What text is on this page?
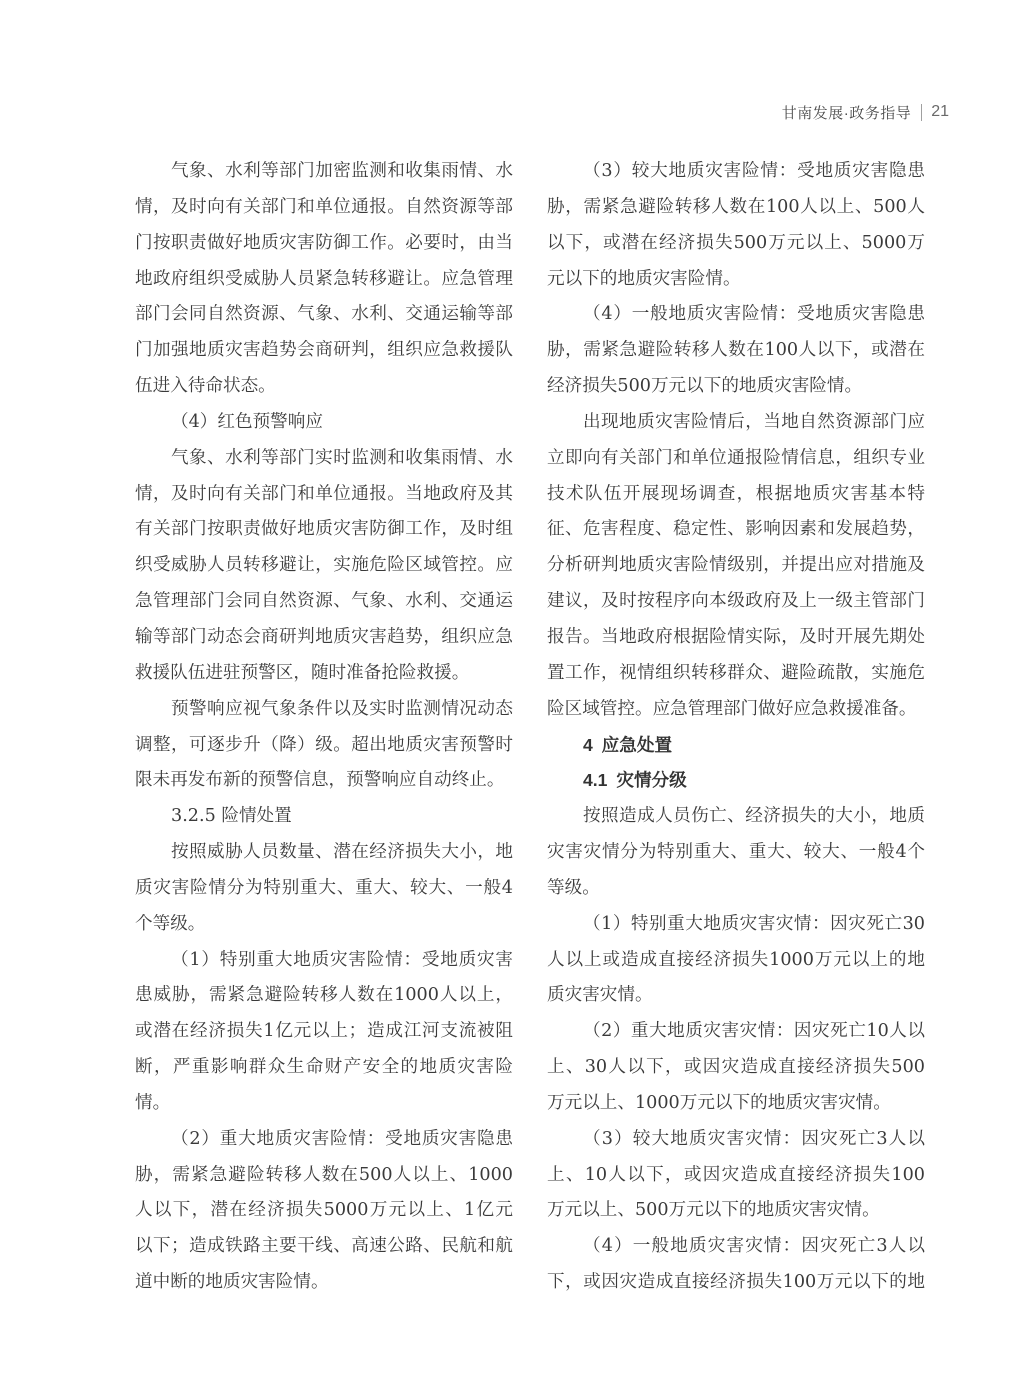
甘南发展·政务指导 21
气象、水利等部门加密监测和收集雨情、水
情，及时向有关部门和单位通报。自然资源等部
门按职责做好地质灾害防御工作。必要时，由当
地政府组织受威胁人员紧急转移避让。应急管理
部门会同自然资源、气象、水利、交通运输等部
门加强地质灾害趋势会商研判，组织应急救援队
伍进入待命状态。
（4）红色预警响应
气象、水利等部门实时监测和收集雨情、水
情，及时向有关部门和单位通报。当地政府及其
有关部门按职责做好地质灾害防御工作，及时组
织受威胁人员转移避让，实施危险区域管控。应
急管理部门会同自然资源、气象、水利、交通运
输等部门动态会商研判地质灾害趋势，组织应急
救援队伍进驻预警区，随时准备抢险救援。
预警响应视气象条件以及实时监测情况动态
调整，可逐步升（降）级。超出地质灾害预警时
限未再发布新的预警信息，预警响应自动终止。
3.2.5 险情处置
按照威胁人员数量、潜在经济损失大小，地
质灾害险情分为特别重大、重大、较大、一般4
个等级。
（1）特别重大地质灾害险情：受地质灾害
患威胁，需紧急避险转移人数在1000人以上，
或潜在经济损失1亿元以上；造成江河支流被阻
断，严重影响群众生命财产安全的地质灾害险
情。
（2）重大地质灾害险情：受地质灾害隐患
胁，需紧急避险转移人数在500人以上、1000
人以下，潜在经济损失5000万元以上、1亿元
以下；造成铁路主要干线、高速公路、民航和航
道中断的地质灾害险情。
（3）较大地质灾害险情：受地质灾害隐患
胁，需紧急避险转移人数在100人以上、500人
以下，或潜在经济损失500万元以上、5000万
元以下的地质灾害险情。
（4）一般地质灾害险情：受地质灾害隐患
胁，需紧急避险转移人数在100人以下，或潜在
经济损失500万元以下的地质灾害险情。
出现地质灾害险情后，当地自然资源部门应
立即向有关部门和单位通报险情信息，组织专业
技术队伍开展现场调查，根据地质灾害基本特
征、危害程度、稳定性、影响因素和发展趋势，
分析研判地质灾害险情级别，并提出应对措施及
建议，及时按程序向本级政府及上一级主管部门
报告。当地政府根据险情实际，及时开展先期处
置工作，视情组织转移群众、避险疏散，实施危
险区域管控。应急管理部门做好应急救援准备。
4 应急处置
4.1 灾情分级
按照造成人员伤亡、经济损失的大小，地质
灾害灾情分为特别重大、重大、较大、一般4个
等级。
（1）特别重大地质灾害灾情：因灾死亡30
人以上或造成直接经济损失1000万元以上的地
质灾害灾情。
（2）重大地质灾害灾情：因灾死亡10人以
上、30人以下，或因灾造成直接经济损失500
万元以上、1000万元以下的地质灾害灾情。
（3）较大地质灾害灾情：因灾死亡3人以
上、10人以下，或因灾造成直接经济损失100
万元以上、500万元以下的地质灾害灾情。
（4）一般地质灾害灾情：因灾死亡3人以
下，或因灾造成直接经济损失100万元以下的地
